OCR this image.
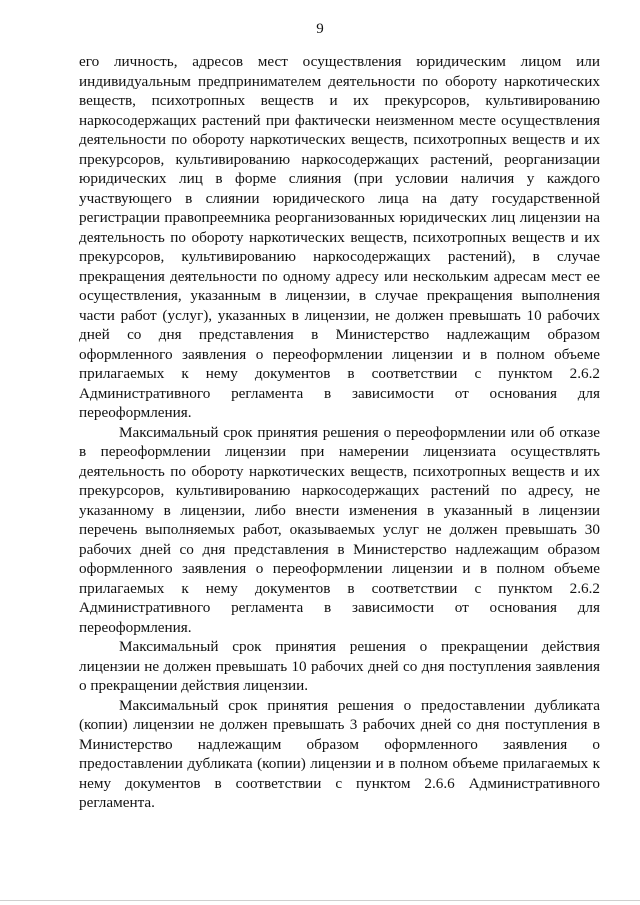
9

его личность, адресов мест осуществления юридическим лицом или индивидуальным предпринимателем деятельности по обороту наркотических веществ, психотропных веществ и их прекурсоров, культивированию наркосодержащих растений при фактически неизменном месте осуществления деятельности по обороту наркотических веществ, психотропных веществ и их прекурсоров, культивированию наркосодержащих растений, реорганизации юридических лиц в форме слияния (при условии наличия у каждого участвующего в слиянии юридического лица на дату государственной регистрации правопреемника реорганизованных юридических лиц лицензии на деятельность по обороту наркотических веществ, психотропных веществ и их прекурсоров, культивированию наркосодержащих растений), в случае прекращения деятельности по одному адресу или нескольким адресам мест ее осуществления, указанным в лицензии, в случае прекращения выполнения части работ (услуг), указанных в лицензии, не должен превышать 10 рабочих дней со дня представления в Министерство надлежащим образом оформленного заявления о переоформлении лицензии и в полном объеме прилагаемых к нему документов в соответствии с пунктом 2.6.2 Административного регламента в зависимости от основания для переоформления.

Максимальный срок принятия решения о переоформлении или об отказе в переоформлении лицензии при намерении лицензиата осуществлять деятельность по обороту наркотических веществ, психотропных веществ и их прекурсоров, культивированию наркосодержащих растений по адресу, не указанному в лицензии, либо внести изменения в указанный в лицензии перечень выполняемых работ, оказываемых услуг не должен превышать 30 рабочих дней со дня представления в Министерство надлежащим образом оформленного заявления о переоформлении лицензии и в полном объеме прилагаемых к нему документов в соответствии с пунктом 2.6.2 Административного регламента в зависимости от основания для переоформления.

Максимальный срок принятия решения о прекращении действия лицензии не должен превышать 10 рабочих дней со дня поступления заявления о прекращении действия лицензии.

Максимальный срок принятия решения о предоставлении дубликата (копии) лицензии не должен превышать 3 рабочих дней со дня поступления в Министерство надлежащим образом оформленного заявления о предоставлении дубликата (копии) лицензии и в полном объеме прилагаемых к нему документов в соответствии с пунктом 2.6.6 Административного регламента.
